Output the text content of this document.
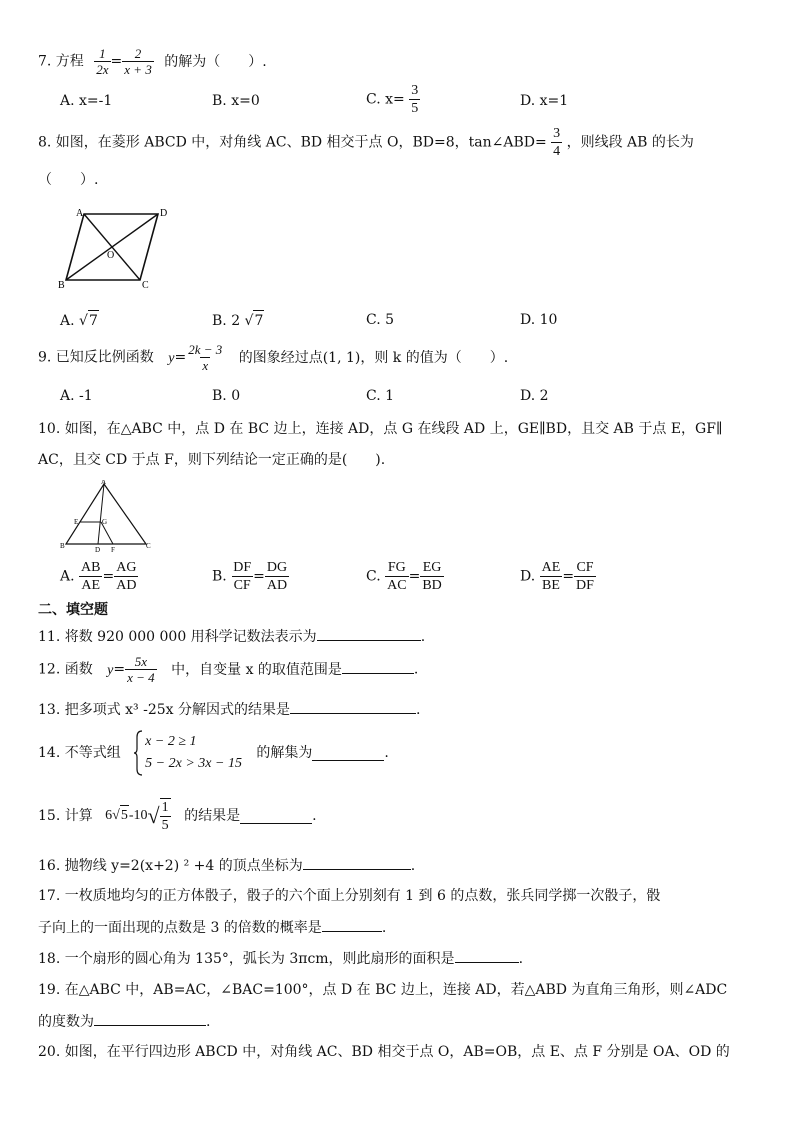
7. 方程 $\frac{1}{2x} = \frac{2}{x + 3}$ 的解为（　　）.
A. x=-1	B. x=0	C. $x= \frac{3}{5}$	D. x=1
8. 如图，在菱形 ABCD 中，对角线 AC、BD 相交于点 O，BD=8，tan∠ABD= $\frac{3}{4}$ ，则线段 AB 的长为
（　　）.
A	D
B	C
O
A. √7	B. 2 √7	C. 5	D. 10
9. 已知反比例函数 $y= \frac{2k - 3}{x}$ 的图象经过点(1, 1)，则 k 的值为（　　）.
A. -1	B. 0	C. 1	D. 2
10. 如图，在△ABC 中，点 D 在 BC 边上，连接 AD，点 G 在线段 AD 上，GE∥BD，且交 AB 于点 E，GF∥
AC，且交 CD 于点 F，则下列结论一定正确的是(　　).
A
E	G
B	D F	C
A. $\frac{AB}{AE} = \frac{AG}{AD}$	B. $\frac{DF}{CF} = \frac{DG}{AD}$	C. $\frac{FG}{AC} = \frac{EG}{BD}$	D. $\frac{AE}{BE} = \frac{CF}{DF}$
二、填空题
11. 将数 920 000 000 用科学记数法表示为	.
12. 函数 $y= \frac{5x}{x - 4}$ 中，自变量 x 的取值范围是	.
13. 把多项式 x³ -25x 分解因式的结果是	.
14. 不等式组
x − 2 ≥ 1
5 − 2x > 3x − 15
的解集为	.
15. 计算 $6√5-10√ \frac{1}{5}$ 的结果是	.
16. 抛物线 y=2(x+2) ² +4 的顶点坐标为	.
17. 一枚质地均匀的正方体骰子，骰子的六个面上分别刻有 1 到 6 的点数，张兵同学掷一次骰子，骰
子向上的一面出现的点数是 3 的倍数的概率是	.
18. 一个扇形的圆心角为 135°，弧长为 3πcm，则此扇形的面积是	.
19. 在△ABC 中，AB=AC，∠BAC=100°，点 D 在 BC 边上，连接 AD，若△ABD 为直角三角形，则∠ADC
的度数为	.
20. 如图，在平行四边形 ABCD 中，对角线 AC、BD 相交于点 O，AB=OB，点 E、点 F 分别是 OA、OD 的
